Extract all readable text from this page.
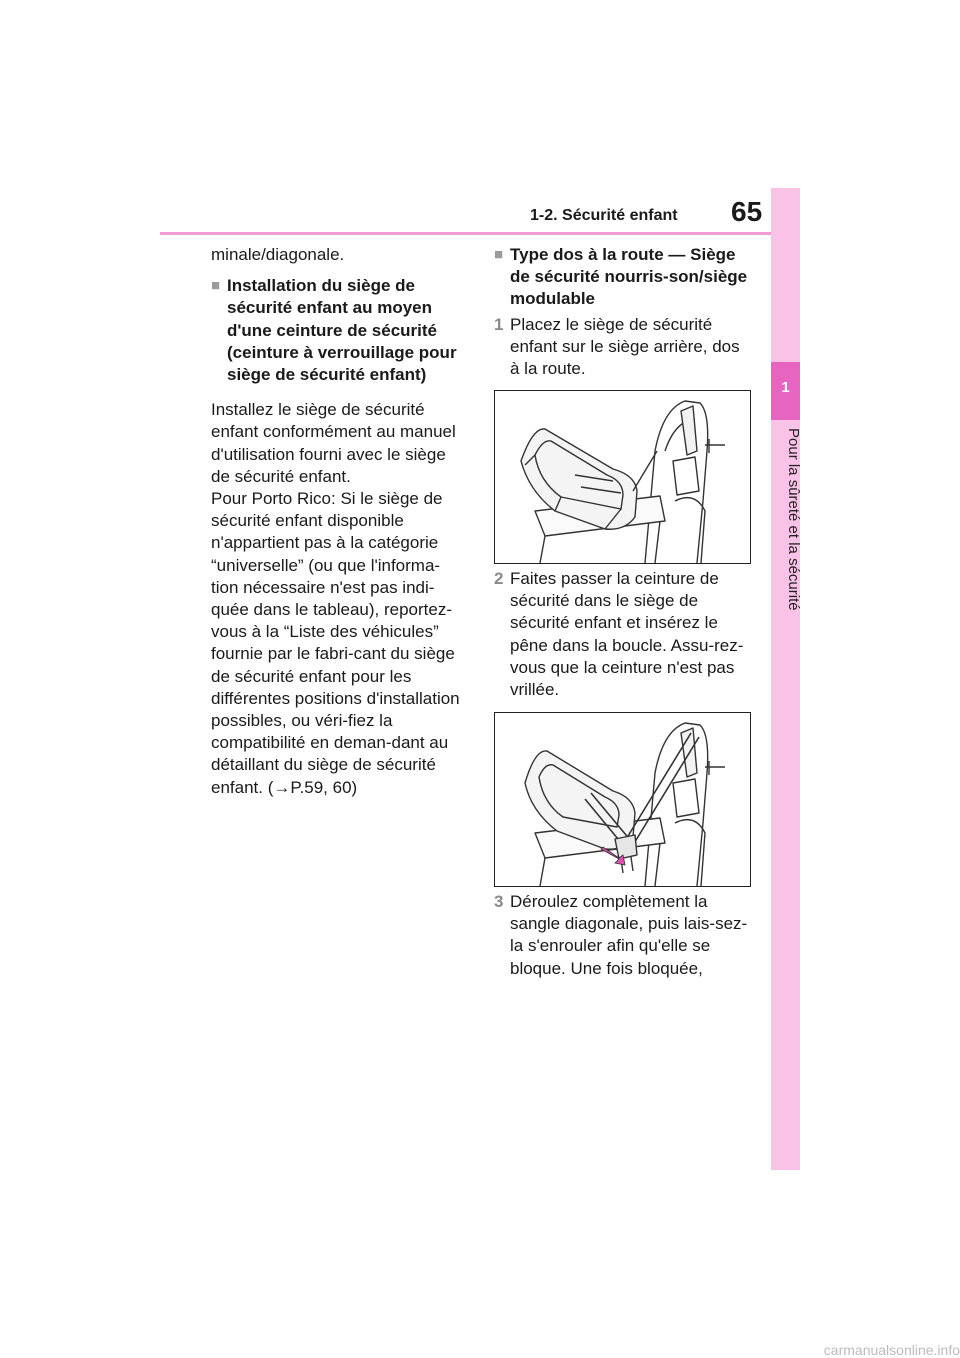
1-2. Sécurité enfant 65
1
Pour la sûreté et la sécurité

minale/diagonale.

■ Installation du siège de sécurité enfant au moyen d'une ceinture de sécurité (ceinture à verrouillage pour siège de sécurité enfant)

Installez le siège de sécurité enfant conformément au manuel d'utilisation fourni avec le siège de sécurité enfant.

Pour Porto Rico: Si le siège de sécurité enfant disponible n'appartient pas à la catégorie “universelle” (ou que l'informa-tion nécessaire n'est pas indi-quée dans le tableau), reportez-vous à la “Liste des véhicules” fournie par le fabri-cant du siège de sécurité enfant pour les différentes positions d'installation possibles, ou véri-fiez la compatibilité en deman-dant au détaillant du siège de sécurité enfant. (→P.59, 60)

■ Type dos à la route — Siège de sécurité nourris-son/siège modulable
1 Placez le siège de sécurité enfant sur le siège arrière, dos à la route.
2 Faites passer la ceinture de sécurité dans le siège de sécurité enfant et insérez le pêne dans la boucle. Assu-rez-vous que la ceinture n'est pas vrillée.
3 Déroulez complètement la sangle diagonale, puis lais-sez-la s'enrouler afin qu'elle se bloque. Une fois bloquée,
carmanualsonline.info
